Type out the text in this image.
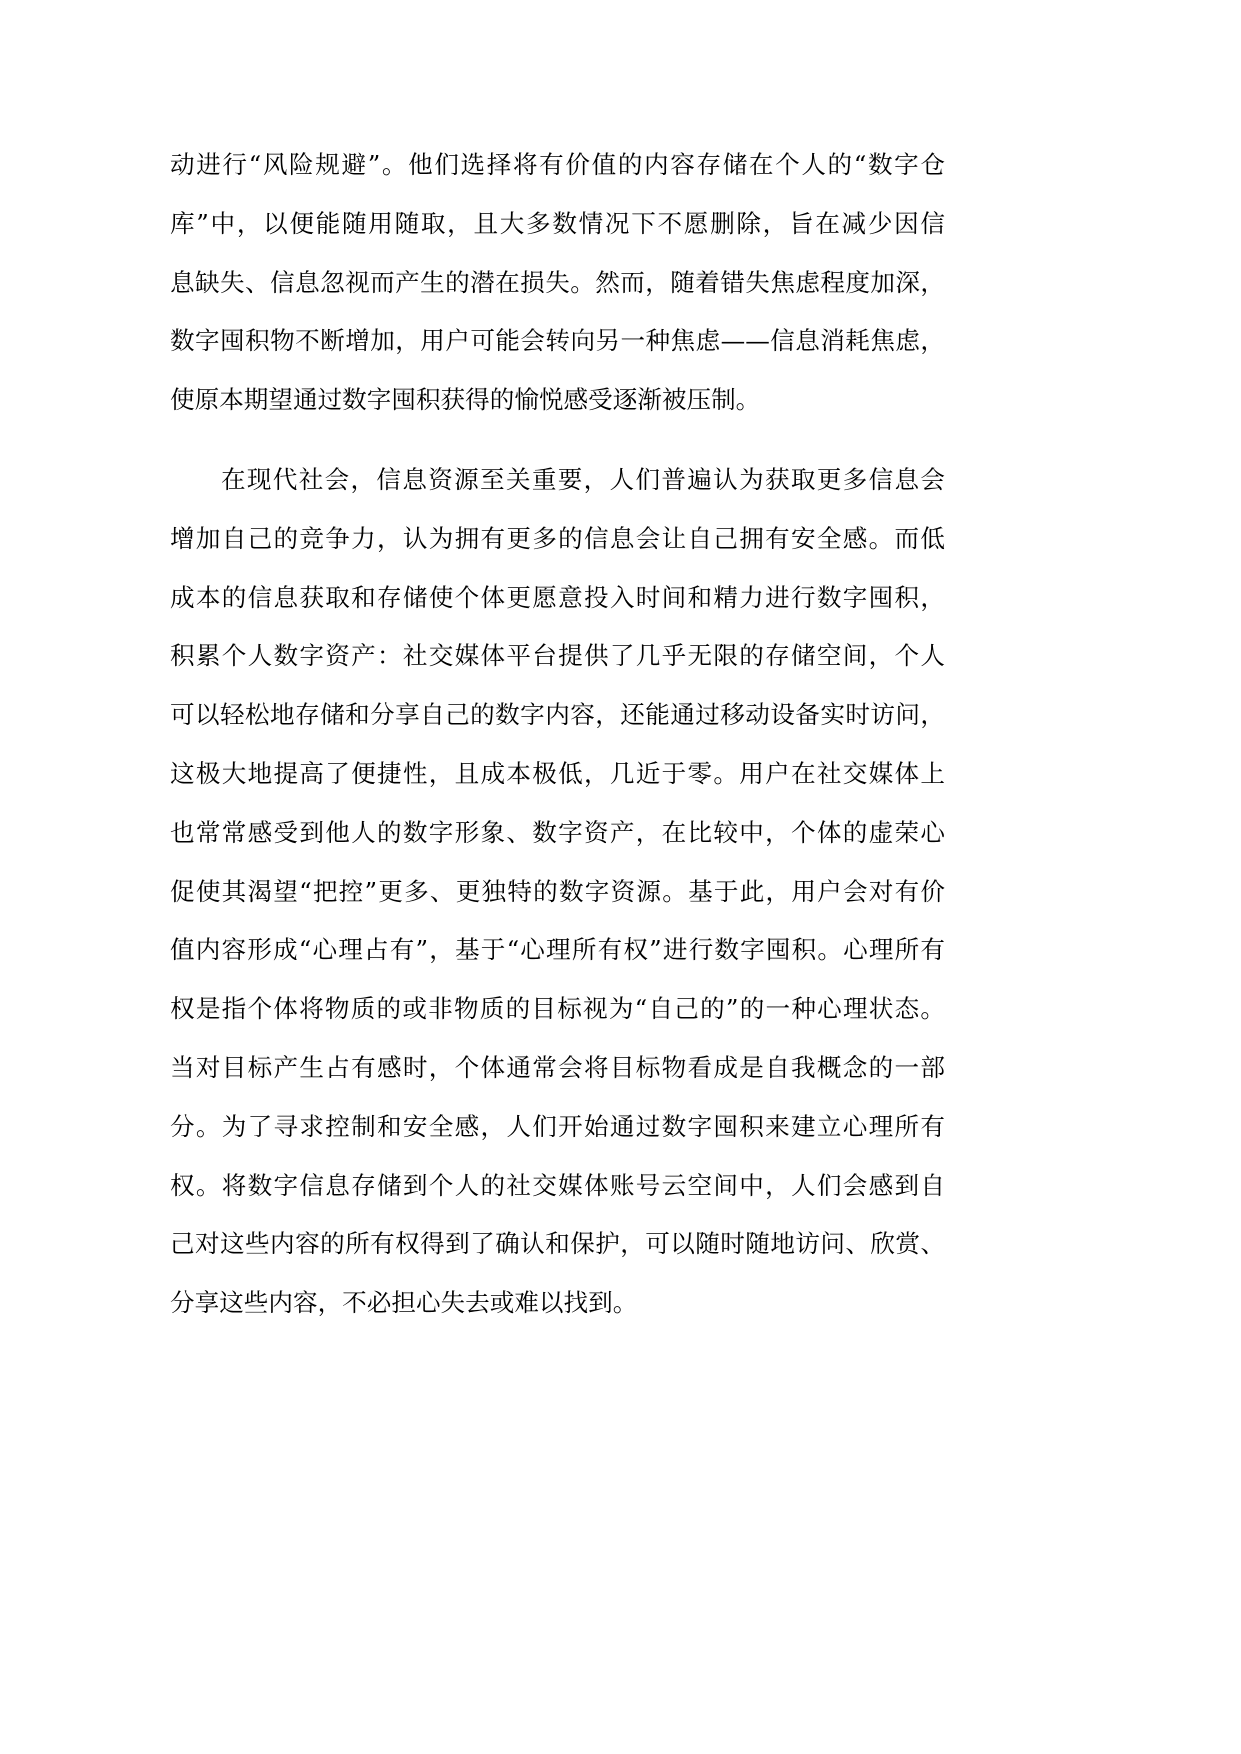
动进行“风险规避”。他们选择将有价值的内容存储在个人的“数字仓
库”中，以便能随用随取，且大多数情况下不愿删除，旨在减少因信
息缺失、信息忽视而产生的潜在损失。然而，随着错失焦虑程度加深，
数字囤积物不断增加，用户可能会转向另一种焦虑——信息消耗焦虑，
使原本期望通过数字囤积获得的愉悦感受逐渐被压制。
在现代社会，信息资源至关重要，人们普遍认为获取更多信息会
增加自己的竞争力，认为拥有更多的信息会让自己拥有安全感。而低
成本的信息获取和存储使个体更愿意投入时间和精力进行数字囤积，
积累个人数字资产：社交媒体平台提供了几乎无限的存储空间，个人
可以轻松地存储和分享自己的数字内容，还能通过移动设备实时访问，
这极大地提高了便捷性，且成本极低，几近于零。用户在社交媒体上
也常常感受到他人的数字形象、数字资产，在比较中，个体的虚荣心
促使其渴望“把控”更多、更独特的数字资源。基于此，用户会对有价
值内容形成“心理占有”，基于“心理所有权”进行数字囤积。心理所有
权是指个体将物质的或非物质的目标视为“自己的”的一种心理状态。
当对目标产生占有感时，个体通常会将目标物看成是自我概念的一部
分。为了寻求控制和安全感，人们开始通过数字囤积来建立心理所有
权。将数字信息存储到个人的社交媒体账号云空间中，人们会感到自
己对这些内容的所有权得到了确认和保护，可以随时随地访问、欣赏、
分享这些内容，不必担心失去或难以找到。
